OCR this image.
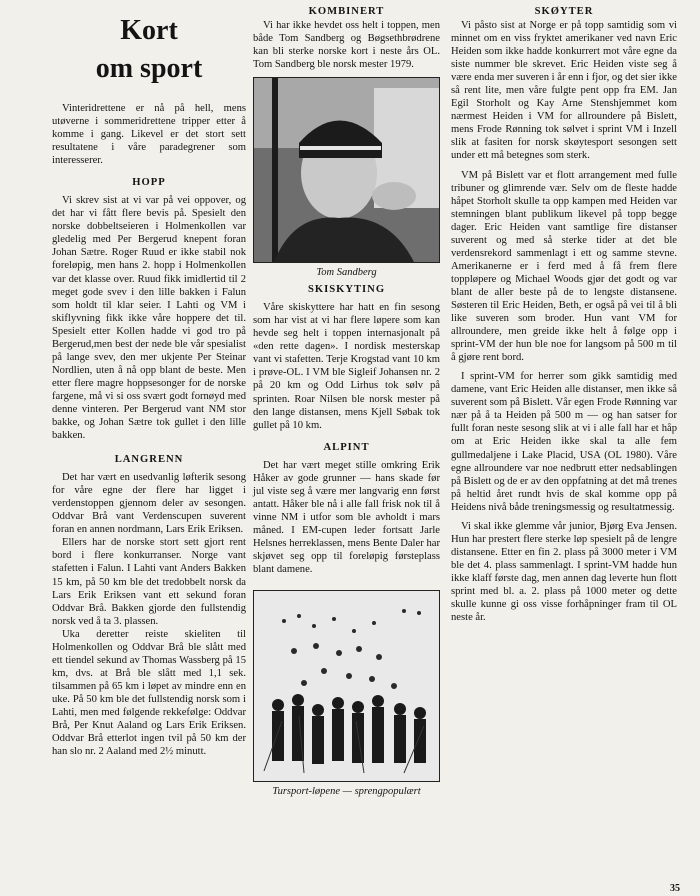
Kort
om sport

Vinteridrettene er nå på hell, mens utøverne i sommeridrettene tripper etter å komme i gang. Likevel er det stort sett resultatene i våre paradegrener som interesserer.

HOPP

Vi skrev sist at vi var på vei oppover, og det har vi fått flere bevis på. Spesielt den norske dobbeltseieren i Holmenkollen var gledelig med Per Bergerud knepent foran Johan Sætre. Roger Ruud er ikke stabil nok foreløpig, men hans 2. hopp i Holmenkollen var det klasse over. Ruud fikk imidlertid til 2 meget gode svev i den lille bakken i Falun som holdt til klar seier. I Lahti og VM i skiflyvning fikk ikke våre hoppere det til. Spesielt etter Kollen hadde vi god tro på Bergerud,men best der nede ble vår spesialist på lange svev, den mer ukjente Per Steinar Nordlien, uten å nå opp blant de beste. Men etter flere magre hoppsesonger for de norske fargene, må vi si oss svært godt fornøyd med denne vinteren. Per Bergerud vant NM stor bakke, og Johan Sætre tok gullet i den lille bakken.

LANGRENN

Det har vært en usedvanlig løfterik sesong for våre egne der flere har ligget i verdenstoppen gjennom deler av sesongen. Oddvar Brå vant Verdenscupen suverent foran en annen nordmann, Lars Erik Eriksen.

Ellers har de norske stort sett gjort rent bord i flere konkurranser. Norge vant stafetten i Falun. I Lahti vant Anders Bakken 15 km, på 50 km ble det tredobbelt norsk da Lars Erik Eriksen vant ett sekund foran Oddvar Brå. Bakken gjorde den fullstendig norsk ved å ta 3. plassen.

Uka deretter reiste skieliten til Holmenkollen og Oddvar Brå ble slått med ett tiendel sekund av Thomas Wassberg på 15 km, dvs. at Brå ble slått med 1,1 sek. tilsammen på 65 km i løpet av mindre enn en uke. På 50 km ble det fullstendig norsk som i Lahti, men med følgende rekkefølge: Oddvar Brå, Per Knut Aaland og Lars Erik Eriksen. Oddvar Brå etterlot ingen tvil på 50 km der han slo nr. 2 Aaland med 2½ minutt.

KOMBINERT

Vi har ikke hevdet oss helt i toppen, men både Tom Sandberg og Bøgsethbrødrene kan bli sterke norske kort i neste års OL. Tom Sandberg ble norsk mester 1979.

Tom Sandberg
SKISKYTING

Våre skiskyttere har hatt en fin sesong som har vist at vi har flere løpere som kan hevde seg helt i toppen internasjonalt på «den rette dagen». I nordisk mesterskap vant vi stafetten. Terje Krogstad vant 10 km i prøve-OL. I VM ble Sigleif Johansen nr. 2 på 20 km og Odd Lirhus tok sølv på sprinten. Roar Nilsen ble norsk mester på den lange distansen, mens Kjell Søbak tok gullet på 10 km.

ALPINT

Det har vært meget stille omkring Erik Håker av gode grunner — hans skade før jul viste seg å være mer langvarig enn først antatt. Håker ble nå i alle fall frisk nok til å vinne NM i utfor som ble avholdt i mars måned. I EM-cupen leder fortsatt Jarle Helsnes herreklassen, mens Bente Daler har skjøvet seg opp til foreløpig førsteplass blant damene.

Tursport-løpene — sprengpopulært
SKØYTER

Vi påsto sist at Norge er på topp samtidig som vi minnet om en viss fryktet amerikaner ved navn Eric Heiden som ikke hadde konkurrert mot våre egne da siste nummer ble skrevet. Eric Heiden viste seg å være enda mer suveren i år enn i fjor, og det sier ikke så rent lite, men våre fulgte pent opp fra EM. Jan Egil Storholt og Kay Arne Stenshjemmet kom nærmest Heiden i VM for allroundere på Bislett, mens Frode Rønning tok sølvet i sprint VM i Inzell slik at fasiten for norsk skøytesport sesongen sett under ett må betegnes som sterk.

VM på Bislett var et flott arrangement med fulle tribuner og glimrende vær. Selv om de fleste hadde håpet Storholt skulle ta opp kampen med Heiden var stemningen blant publikum likevel på topp begge dager. Eric Heiden vant samtlige fire distanser suverent og med så sterke tider at det ble verdensrekord sammenlagt i ett og samme stevne. Amerikanerne er i ferd med å få frem flere toppløpere og Michael Woods gjør det godt og var blant de aller beste på de to lengste distansene. Søsteren til Eric Heiden, Beth, er også på vei til å bli like suveren som broder. Hun vant VM for allroundere, men greide ikke helt å følge opp i sprint-VM der hun ble noe for langsom på 500 m til å gjøre rent bord.

I sprint-VM for herrer som gikk samtidig med damene, vant Eric Heiden alle distanser, men ikke så suverent som på Bislett. Vår egen Frode Rønning var nær på å ta Heiden på 500 m — og han satser for fullt foran neste sesong slik at vi i alle fall har et håp om at Eric Heiden ikke skal ta alle fem gullmedaljene i Lake Placid, USA (OL 1980). Våre egne allroundere var noe nedbrutt etter nedsablingen på Bislett og de er av den oppfatning at det må trenes på heltid året rundt hvis de skal komme opp på Heidens nivå både treningsmessig og resultatmessig.

Vi skal ikke glemme vår junior, Bjørg Eva Jensen. Hun har prestert flere sterke løp spesielt på de lengre distansene. Etter en fin 2. plass på 3000 meter i VM ble det 4. plass sammenlagt. I sprint-VM hadde hun ikke klaff første dag, men annen dag leverte hun flott sprint med bl. a. 2. plass på 1000 meter og dette skulle kunne gi oss visse forhåpninger fram til OL neste år.

35
